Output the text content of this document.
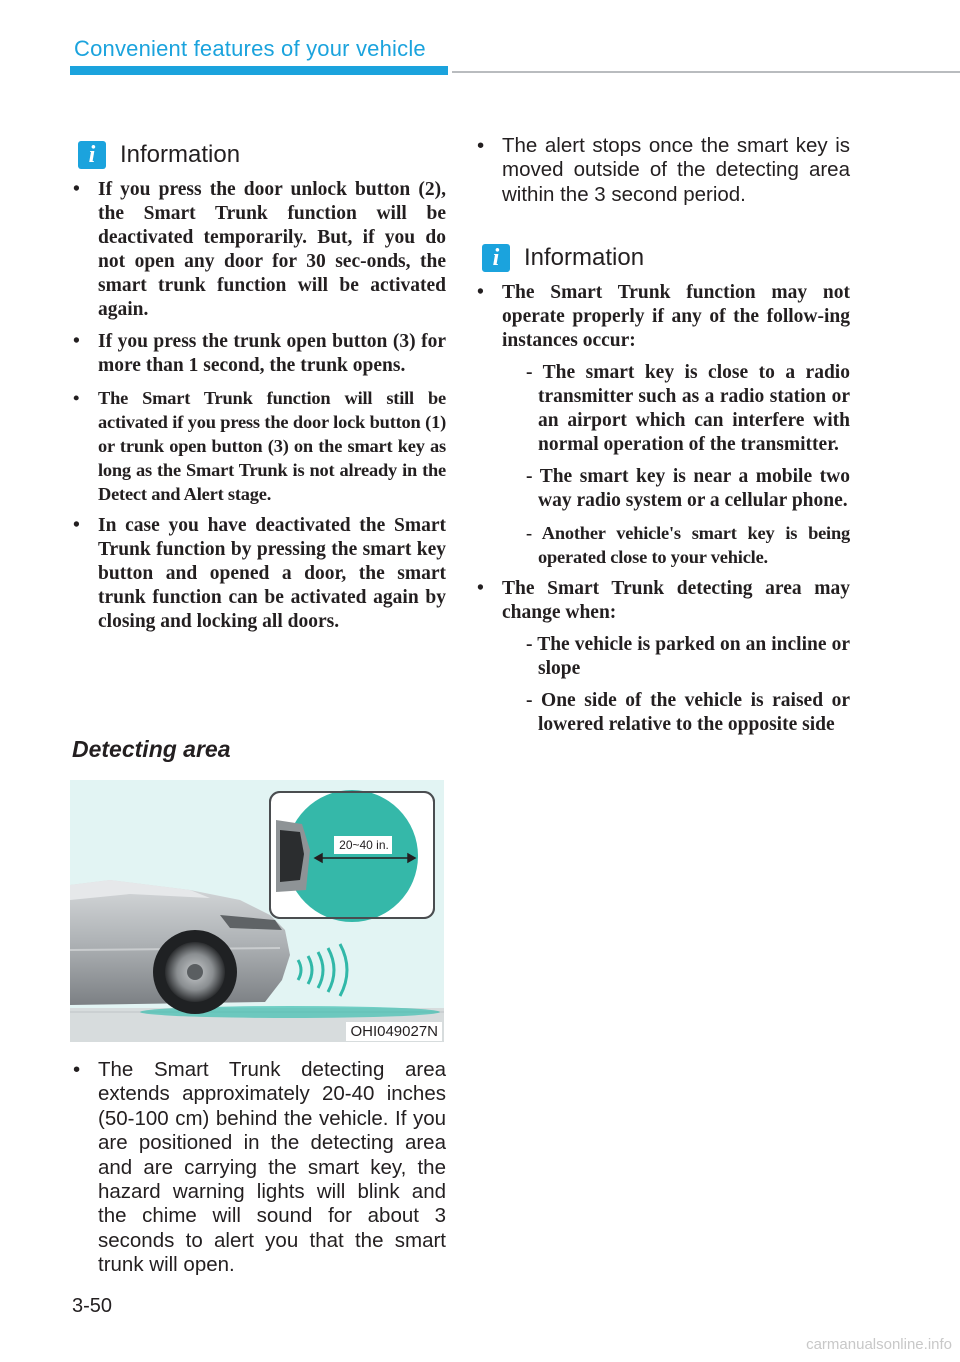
Convenient features of your vehicle
i	Information

• If you press the door unlock button (2), the Smart Trunk function will be deactivated temporarily. But, if you do not open any door for 30 sec-onds, the smart trunk function will be activated again.

• If you press the trunk open button (3) for more than 1 second, the trunk opens.

• The Smart Trunk function will still be activated if you press the door lock button (1) or trunk open button (3) on the smart key as long as the Smart Trunk is not already in the Detect and Alert stage.

• In case you have deactivated the Smart Trunk function by pressing the smart key button and opened a door, the smart trunk function can be activated again by closing and locking all doors.

Detecting area
20~40 in.
OHI049027N

• The Smart Trunk detecting area extends approximately 20-40 inches (50-100 cm) behind the vehicle. If you are positioned in the detecting area and are carrying the smart key, the hazard warning lights will blink and the chime will sound for about 3 seconds to alert you that the smart trunk will open.

• The alert stops once the smart key is moved outside of the detecting area within the 3 second period.

i	Information

• The Smart Trunk function may not operate properly if any of the follow-ing instances occur:

- The smart key is close to a radio transmitter such as a radio station or an airport which can interfere with normal operation of the transmitter.

- The smart key is near a mobile two way radio system or a cellular phone.

- Another vehicle's smart key is being operated close to your vehicle.

• The Smart Trunk detecting area may change when:

- The vehicle is parked on an incline or slope

- One side of the vehicle is raised or lowered relative to the opposite side

3-50
carmanualsonline.info
